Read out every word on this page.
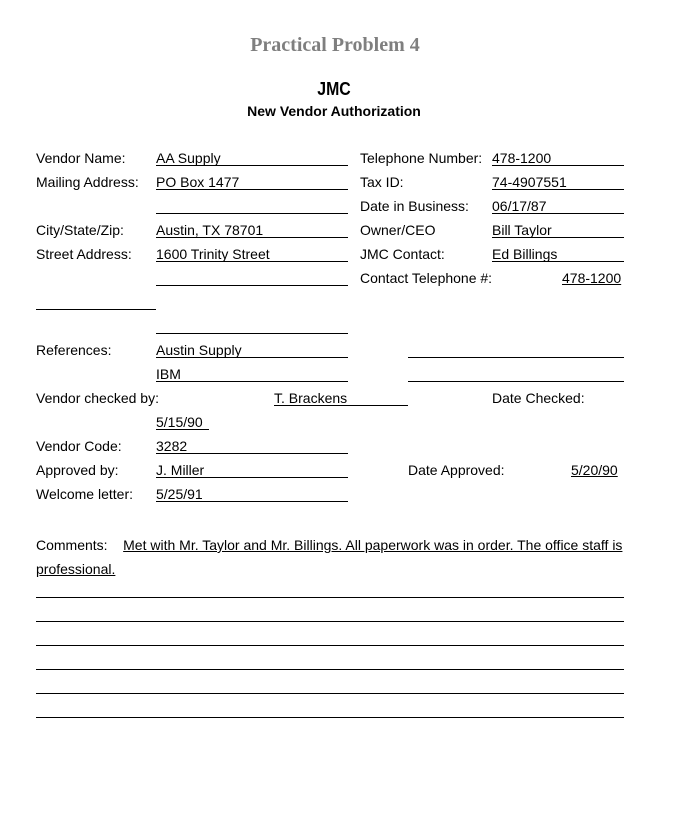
Practical Problem 4
JMC
New Vendor Authorization
Vendor Name: AA Supply
Mailing Address: PO Box 1477
City/State/Zip: Austin, TX 78701
Street Address: 1600 Trinity Street
Telephone Number: 478-1200
Tax ID:	74-4907551
Date in Business: 06/17/87
Owner/CEO	Bill Taylor
JMC Contact:	Ed Billings
Contact Telephone #:	478-1200
References:	Austin Supply
IBM
Vendor checked by:	T. Brackens	Date Checked:
5/15/90
Vendor Code: 3282
Approved by:	J. Miller	Date Approved:	5/20/90
Welcome letter: 5/25/91
Comments: Met with Mr. Taylor and Mr. Billings. All paperwork was in order. The office staff is professional.
